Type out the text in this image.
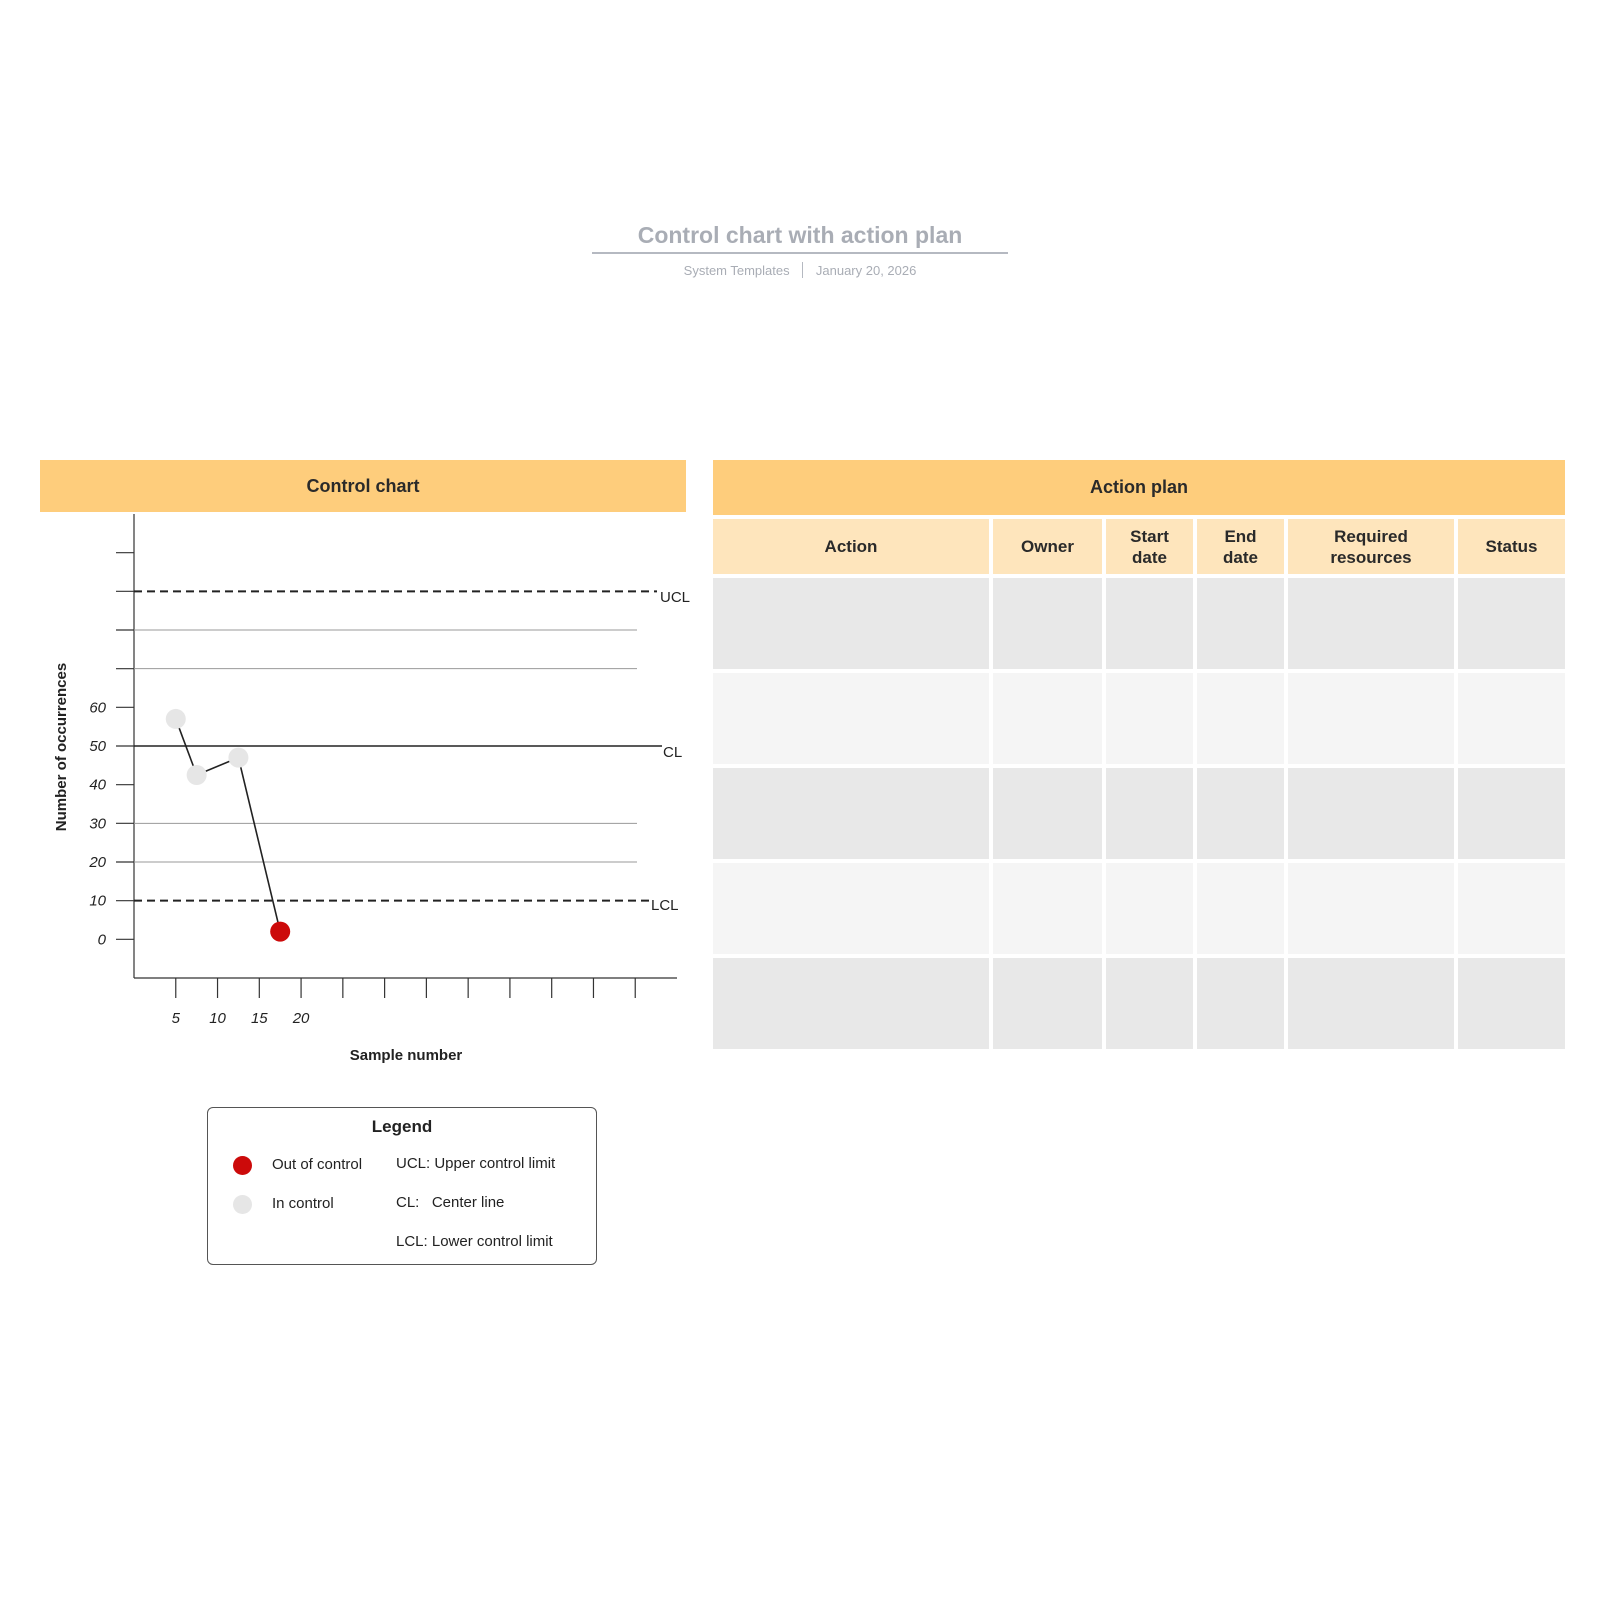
Control chart with action plan
System Templates January 20, 2026
Control chart
UCL
CL
LCL
Sample number
Number of occurrences
0
10
20
30
40
50
60
5 10 15 20
Legend
Out of control
In control
UCL: Upper control limit
CL:   Center line
LCL: Lower control limit
Action plan
Action	Owner
Start
date
End
date
Required
resources
Status
